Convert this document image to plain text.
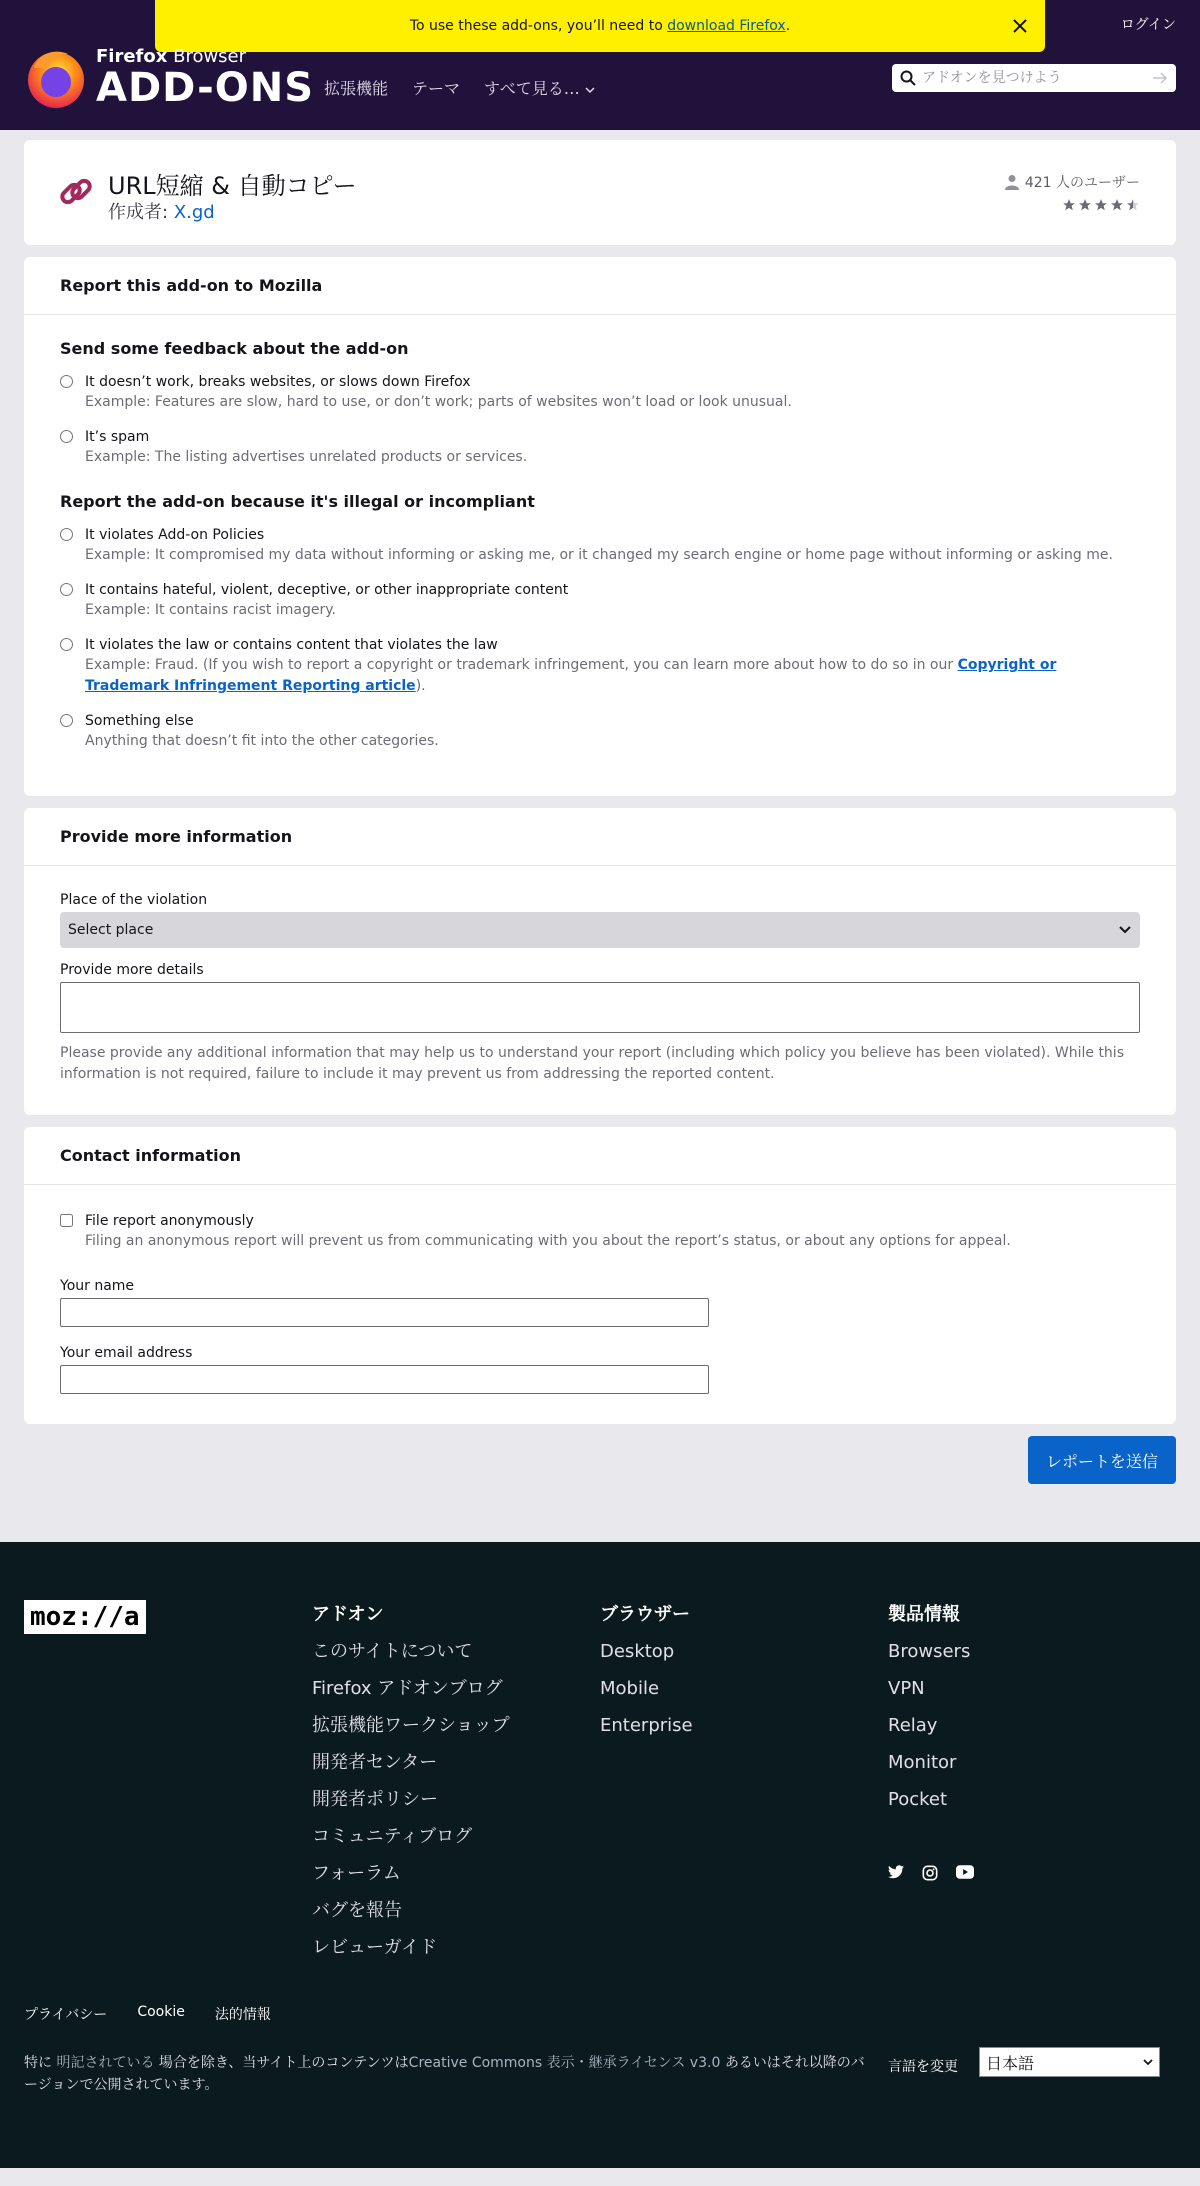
To use these add-ons, you’ll need to
download Firefox .	ログイン
Firefox Browser
ADD-ONS 拡張機能 テーマ すべて見る…
アドオンを見つけよう
URL短縮 & 自動コピー
作成者: X.gd
421 人のユーザー
Report this add-on to Mozilla
Send some feedback about the add-on
It doesn’t work, breaks websites, or slows down Firefox
Example: Features are slow, hard to use, or don’t work; parts of websites won’t load or look unusual.
It’s spam
Example: The listing advertises unrelated products or services.
Report the add-on because it's illegal or incompliant
It violates Add-on Policies
Example: It compromised my data without informing or asking me, or it changed my search engine or home page without informing or asking me.
It contains hateful, violent, deceptive, or other inappropriate content
Example: It contains racist imagery.
It violates the law or contains content that violates the law
Example: Fraud. (If you wish to report a copyright or trademark infringement, you can learn more about how to do so in our Copyright or Trademark Infringement Reporting article).
Something else
Anything that doesn’t fit into the other categories.
Provide more information
Place of the violation
Select place
Provide more details
Please provide any additional information that may help us to understand your report (including which policy you believe has been violated). While this information is not required, failure to include it may prevent us from addressing the reported content.
Contact information
File report anonymously
Filing an anonymous report will prevent us from communicating with you about the report’s status, or about any options for appeal.
Your name
Your email address
レポートを送信
moz://a	アドオン
このサイトについて
Firefox アドオンブログ
拡張機能ワークショップ
開発者センター
開発者ポリシー
コミュニティブログ
フォーラム
バグを報告
レビューガイド
ブラウザー
Desktop
Mobile
Enterprise
製品情報
Browsers
VPN
Relay
Monitor
Pocket
プライバシー Cookie 法的情報
特に 明記されている 場合を除き、当サイト上のコンテンツはCreative Commons 表示・継承ライセンス v3.0 あるいはそれ以降のバージョンで公開されています。
言語を変更 日本語
